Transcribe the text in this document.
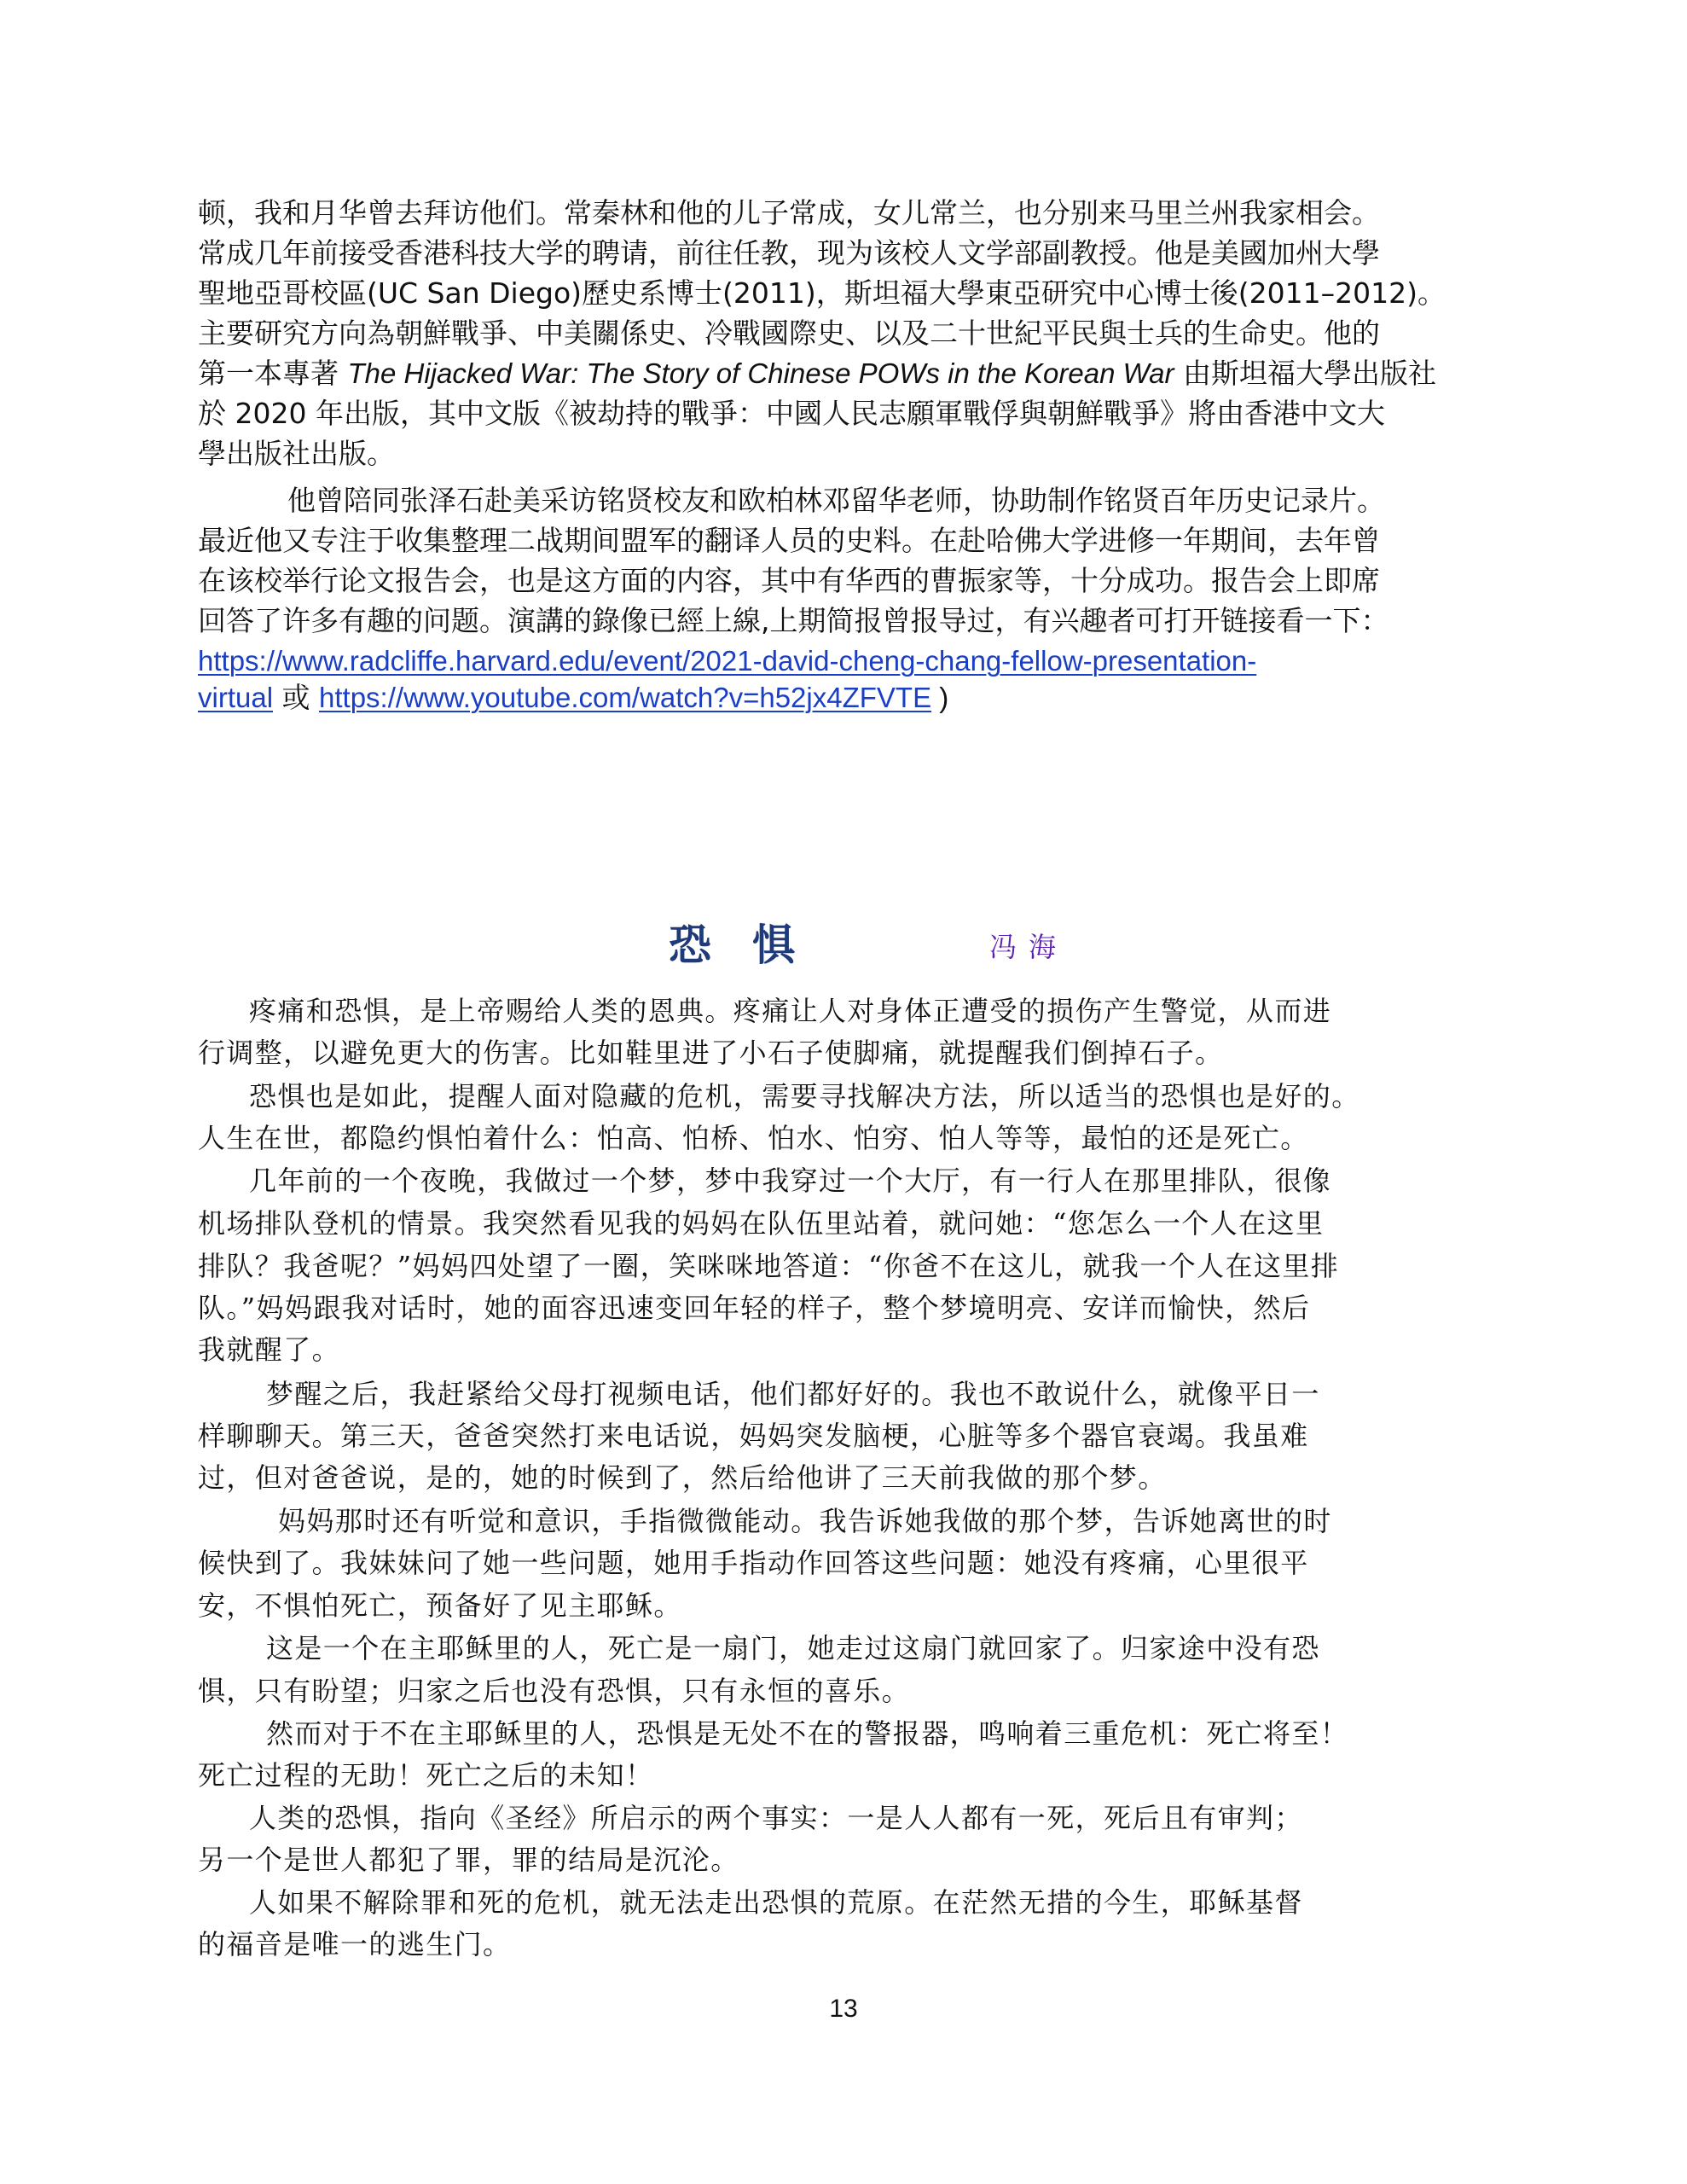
顿，我和月华曾去拜访他们。常秦林和他的儿子常成，女儿常兰，也分别来马里兰州我家相会。
常成几年前接受香港科技大学的聘请，前往任教，现为该校人文学部副教授。他是美國加州大學
聖地亞哥校區(UC San Diego)歷史系博士(2011)，斯坦福大學東亞研究中心博士後(2011–2012)。
主要研究方向為朝鮮戰爭、中美關係史、冷戰國際史、以及二十世紀平民與士兵的生命史。他的
第一本專著 The Hijacked War: The Story of Chinese POWs in the Korean War 由斯坦福大學出版社
於 2020 年出版，其中文版《被劫持的戰爭：中國人民志願軍戰俘與朝鮮戰爭》將由香港中文大
學出版社出版。
他曾陪同张泽石赴美采访铭贤校友和欧柏林邓留华老师，协助制作铭贤百年历史记录片。
最近他又专注于收集整理二战期间盟军的翻译人员的史料。在赴哈佛大学进修一年期间，去年曾
在该校举行论文报告会，也是这方面的内容，其中有华西的曹振家等，十分成功。报告会上即席
回答了许多有趣的问题。演講的錄像已經上線,上期简报曾报导过，有兴趣者可打开链接看一下：
https://www.radcliffe.harvard.edu/event/2021-david-cheng-chang-fellow-presentation-
virtual 或 https://www.youtube.com/watch?v=h52jx4ZFVTE )
恐惧	冯海
疼痛和恐惧，是上帝赐给人类的恩典。疼痛让人对身体正遭受的损伤产生警觉，从而进
行调整，以避免更大的伤害。比如鞋里进了小石子使脚痛，就提醒我们倒掉石子。
恐惧也是如此，提醒人面对隐藏的危机，需要寻找解决方法，所以适当的恐惧也是好的。
人生在世，都隐约惧怕着什么：怕高、怕桥、怕水、怕穷、怕人等等，最怕的还是死亡。
几年前的一个夜晚，我做过一个梦，梦中我穿过一个大厅，有一行人在那里排队，很像
机场排队登机的情景。我突然看见我的妈妈在队伍里站着，就问她：“您怎么一个人在这里
排队？我爸呢？”妈妈四处望了一圈，笑咪咪地答道：“你爸不在这儿，就我一个人在这里排
队。”妈妈跟我对话时，她的面容迅速变回年轻的样子，整个梦境明亮、安详而愉快，然后
我就醒了。
梦醒之后，我赶紧给父母打视频电话，他们都好好的。我也不敢说什么，就像平日一
样聊聊天。第三天，爸爸突然打来电话说，妈妈突发脑梗，心脏等多个器官衰竭。我虽难
过，但对爸爸说，是的，她的时候到了，然后给他讲了三天前我做的那个梦。
妈妈那时还有听觉和意识，手指微微能动。我告诉她我做的那个梦，告诉她离世的时
候快到了。我妹妹问了她一些问题，她用手指动作回答这些问题：她没有疼痛，心里很平
安，不惧怕死亡，预备好了见主耶稣。
这是一个在主耶稣里的人，死亡是一扇门，她走过这扇门就回家了。归家途中没有恐
惧，只有盼望；归家之后也没有恐惧，只有永恒的喜乐。
然而对于不在主耶稣里的人，恐惧是无处不在的警报器，鸣响着三重危机：死亡将至！
死亡过程的无助！死亡之后的未知！
人类的恐惧，指向《圣经》所启示的两个事实：一是人人都有一死，死后且有审判；
另一个是世人都犯了罪，罪的结局是沉沦。
人如果不解除罪和死的危机，就无法走出恐惧的荒原。在茫然无措的今生，耶稣基督
的福音是唯一的逃生门。
13
